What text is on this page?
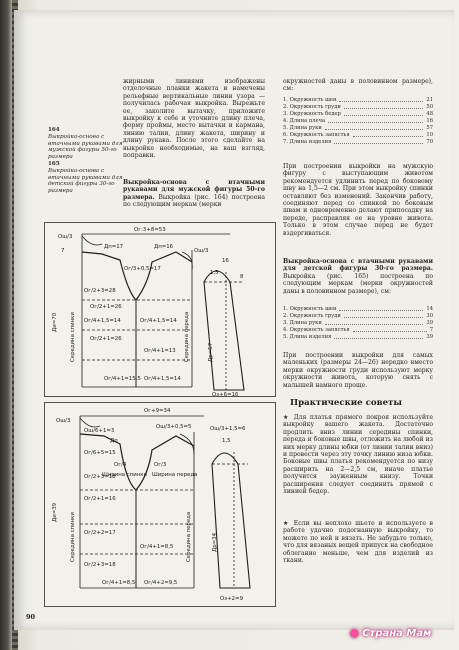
164
Выкройка-основа с втачными рукавами для мужской фигуры 50-го размера
165
Выкройка-основа с втачными рукавами для детской фигуры 30-го размера
жирными линиями изображены отделочные планки жакета и намечены рельефные вертикальные линии узора — получилась рабочая выкройка. Вырежьте ее, заколите вытачку, приложите выкройку к себе и уточните длину плеча, форму проймы, место вытачки и кармана, линию талии, длину жакета, ширину и длину рукава. После этого сделайте на выкройке необходимые, на ваш взгляд, поправки.
Выкройка-основа с втачными рукавами для мужской фигуры 50-го размера. Выкройка (рис. 164) построена по следующим меркам (мерки
окружностей даны в половинном размере), см:
1. Окружность шеи	21
2. Окружность груди	50
3. Окружность бедер	48
4. Длина плеча	16
5. Длина руки	57
6. Окружность запястья	10
7. Длина изделия	70
При построении выкройки на мужскую фигуру с выступающим животом рекомендуется удлинить перед по боковому шву на 1,5—2 см. При этом выкройку спинки оставляют без изменений. Закончив работу, соединяют перед со спинкой по боковым швам и одновременно делают припосадку на переде, расправляя ее на уровне живота. Только в этом случае перед не будет вздергиваться.
Выкройка-основа с втачными рукавами для детской фигуры 30-го размера. Выкройка (рис. 165) построена по следующим меркам (мерки окружностей даны в половинном размере), см:
1. Окружность шеи	14
2. Окружность груди	30
3. Длина руки	39
4. Окружность запястья	7
5. Длина изделия	39
При построении выкройки для самых маленьких (размеры 24—26) нередко вместо мерки окружности груди используют мерку окружности живота, которую снять с малышей намного проще.
Практические советы
★ Для платья прямого покроя используйте выкройку вашего жакета. Достаточно продлить вниз линии середины спинки, переда и боковые швы, отложить на любой из них мерку длины юбки (от линии талии вниз) и провести через эту точку линию низа юбки. Боковые швы платья рекомендуется по низу расширить на 2—2,5 см, иначе платье получится зауженным книзу. Точки расширения следует соединить прямой с линией бедер.
★ Если вы неплохо шьете и используете в работе удачно подогнанную выкройку, то можете по ней и вязать. Не забудьте только, что для вязаных вещей припуск на свободное облегание меньше, чем для изделий из ткани.
Ог:3+8=53
Ош/3
7
Дп=17	Дп=16
Ош/3
Ог/3+0,5=17
Ог/2+3=28
Ог/2+1=26
Ог/4+1,5=14	Ог/4+1,5=14
Ог/2+1=26
Ог/4+1=13
Ог/4+1=15,5 Ог/4+1,5=14
Середина спинки	Середина переда
Ди=70
Др=57
1,5
8
16
Оз+6=16
Ог+9=34
Ош/3
Ош/6+1=3
Ош/3+0,5=5
Дп
Ог/6+5=15
Ог/2+3=18
Ог/4	Ог/3
Ширина спинки Ширина переда
Ог/2+1=16
Ог/2+2=17
Ог/2+3=18
Ог/4+1=8,5
Ог/4+1=8,5
Ог/4+2=9,5
Середина спинки	Середина переда
Ди=39
Др=34
1,5
Ош/3+1,5=6
Оз+2=9
90
● Страна Мам
